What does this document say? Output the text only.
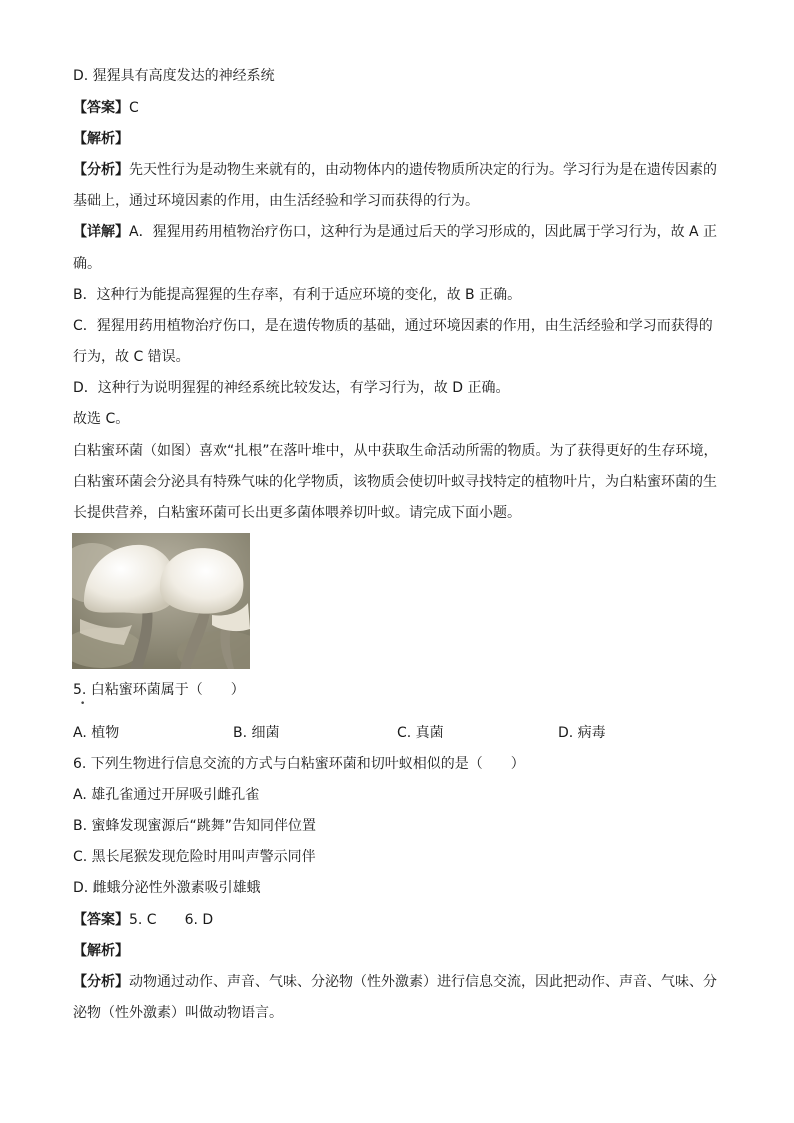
D. 猩猩具有高度发达的神经系统
【答案】C
【解析】
【分析】先天性行为是动物生来就有的，由动物体内的遗传物质所决定的行为。学习行为是在遗传因素的
基础上，通过环境因素的作用，由生活经验和学习而获得的行为。
【详解】A．猩猩用药用植物治疗伤口，这种行为是通过后天的学习形成的，因此属于学习行为，故 A 正
确。
B．这种行为能提高猩猩的生存率，有利于适应环境的变化，故 B 正确。
C．猩猩用药用植物治疗伤口，是在遗传物质的基础，通过环境因素的作用，由生活经验和学习而获得的
行为，故 C 错误。
D．这种行为说明猩猩的神经系统比较发达，有学习行为，故 D 正确。
故选 C。
白粘蜜环菌（如图）喜欢“扎根”在落叶堆中，从中获取生命活动所需的物质。为了获得更好的生存环境，
白粘蜜环菌会分泌具有特殊气味的化学物质，该物质会使切叶蚁寻找特定的植物叶片，为白粘蜜环菌的生
长提供营养，白粘蜜环菌可长出更多菌体喂养切叶蚁。请完成下面小题。
5. 白粘蜜环菌属于（　　）
•
A. 植物	B. 细菌	C. 真菌	D. 病毒
6. 下列生物进行信息交流的方式与白粘蜜环菌和切叶蚁相似的是（　　）
A. 雄孔雀通过开屏吸引雌孔雀
B. 蜜蜂发现蜜源后“跳舞”告知同伴位置
C. 黑长尾猴发现危险时用叫声警示同伴
D. 雌蛾分泌性外激素吸引雄蛾
【答案】5. C 6. D
【解析】
【分析】动物通过动作、声音、气味、分泌物（性外激素）进行信息交流，因此把动作、声音、气味、分
泌物（性外激素）叫做动物语言。
